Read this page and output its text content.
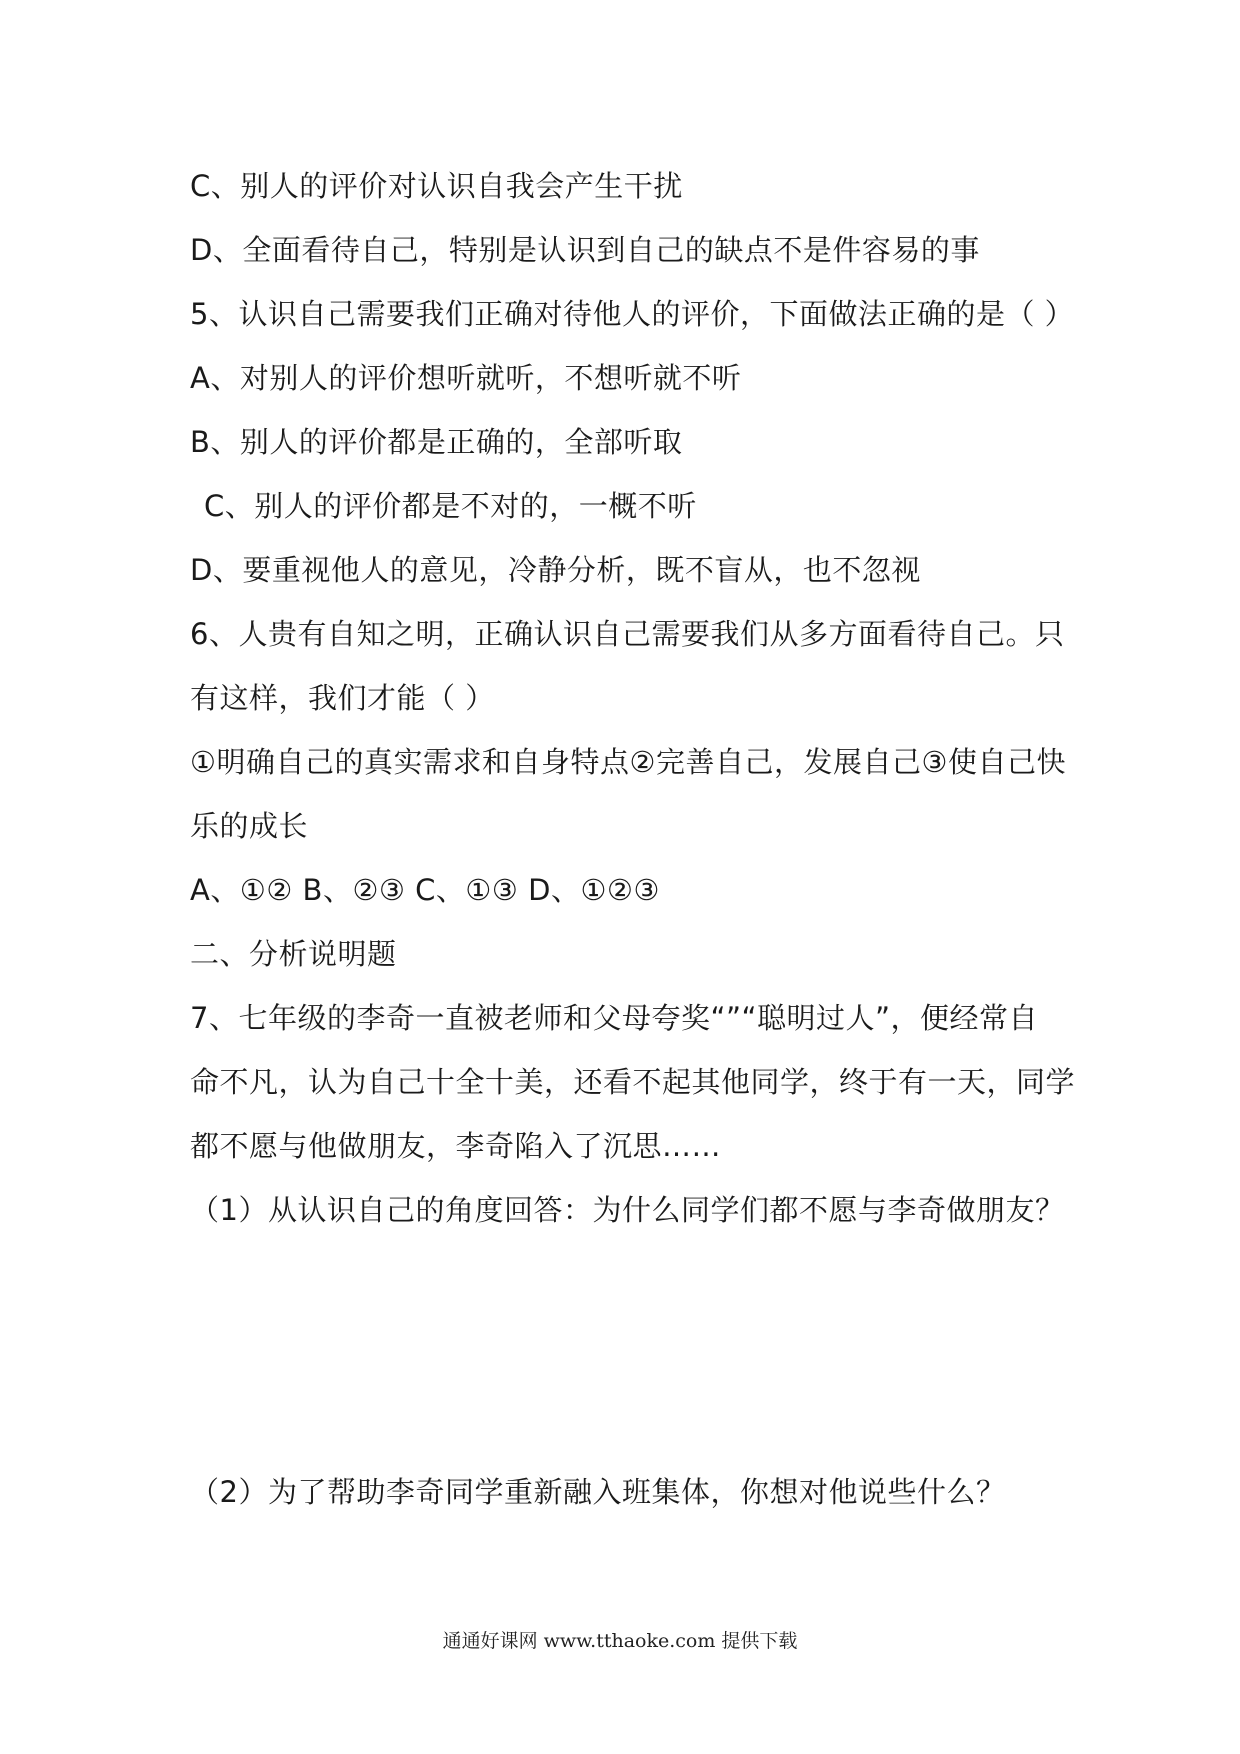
C、别人的评价对认识自我会产生干扰
D、全面看待自己，特别是认识到自己的缺点不是件容易的事
5、认识自己需要我们正确对待他人的评价，下面做法正确的是（ ）
A、对别人的评价想听就听，不想听就不听
B、别人的评价都是正确的，全部听取
C、别人的评价都是不对的，一概不听
D、要重视他人的意见，冷静分析，既不盲从，也不忽视
6、人贵有自知之明，正确认识自己需要我们从多方面看待自己。只
有这样，我们才能（ ）
①明确自己的真实需求和自身特点②完善自己，发展自己③使自己快
乐的成长
A、①② B、②③ C、①③ D、①②③
二、分析说明题
7、七年级的李奇一直被老师和父母夸奖“”“聪明过人”，便经常自
命不凡，认为自己十全十美，还看不起其他同学，终于有一天，同学
都不愿与他做朋友，李奇陷入了沉思……
（1）从认识自己的角度回答：为什么同学们都不愿与李奇做朋友？
（2）为了帮助李奇同学重新融入班集体，你想对他说些什么？
通通好课网 www.tthaoke.com 提供下载
